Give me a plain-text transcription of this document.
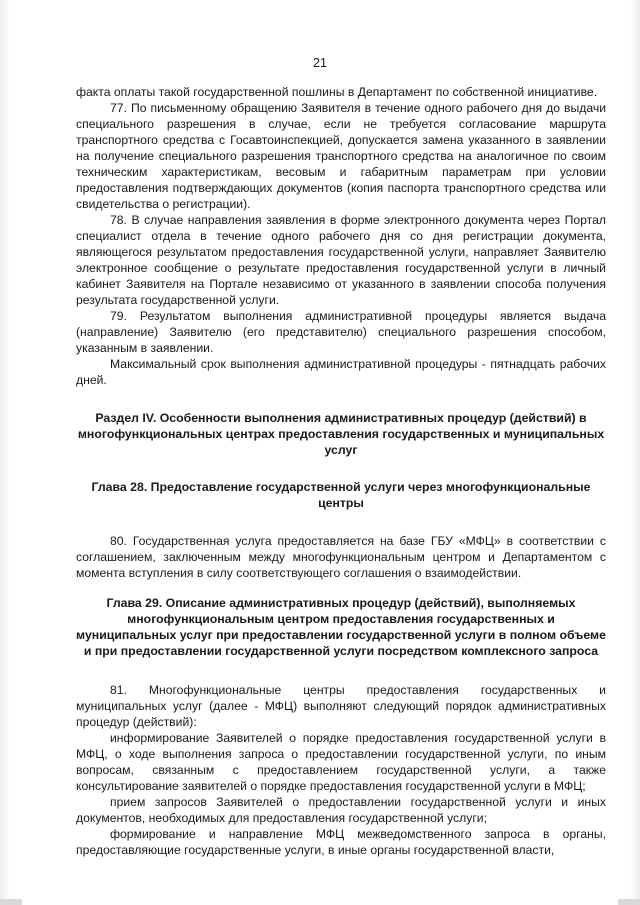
21

факта оплаты такой государственной пошлины в Департамент по собственной инициативе.

77. По письменному обращению Заявителя в течение одного рабочего дня до выдачи специального разрешения в случае, если не требуется согласование маршрута транспортного средства с Госавтоинспекцией, допускается замена указанного в заявлении на получение специального разрешения транспортного средства на аналогичное по своим техническим характеристикам, весовым и габаритным параметрам при условии предоставления подтверждающих документов (копия паспорта транспортного средства или свидетельства о регистрации).

78. В случае направления заявления в форме электронного документа через Портал специалист отдела в течение одного рабочего дня со дня регистрации документа, являющегося результатом предоставления государственной услуги, направляет Заявителю электронное сообщение о результате предоставления государственной услуги в личный кабинет Заявителя на Портале независимо от указанного в заявлении способа получения результата государственной услуги.

79. Результатом выполнения административной процедуры является выдача (направление) Заявителю (его представителю) специального разрешения способом, указанным в заявлении.

Максимальный срок выполнения административной процедуры - пятнадцать рабочих дней.

Раздел IV. Особенности выполнения административных процедур (действий) в многофункциональных центрах предоставления государственных и муниципальных услуг

Глава 28. Предоставление государственной услуги через многофункциональные центры

80. Государственная услуга предоставляется на базе ГБУ «МФЦ» в соответствии с соглашением, заключенным между многофункциональным центром и Департаментом с момента вступления в силу соответствующего соглашения о взаимодействии.

Глава 29. Описание административных процедур (действий), выполняемых многофункциональным центром предоставления государственных и муниципальных услуг при предоставлении государственной услуги в полном объеме и при предоставлении государственной услуги посредством комплексного запроса

81. Многофункциональные центры предоставления государственных и муниципальных услуг (далее - МФЦ) выполняют следующий порядок административных процедур (действий):

информирование Заявителей о порядке предоставления государственной услуги в МФЦ, о ходе выполнения запроса о предоставлении государственной услуги, по иным вопросам, связанным с предоставлением государственной услуги, а также консультирование заявителей о порядке предоставления государственной услуги в МФЦ;

прием запросов Заявителей о предоставлении государственной услуги и иных документов, необходимых для предоставления государственной услуги;

формирование и направление МФЦ межведомственного запроса в органы, предоставляющие государственные услуги, в иные органы государственной власти,
